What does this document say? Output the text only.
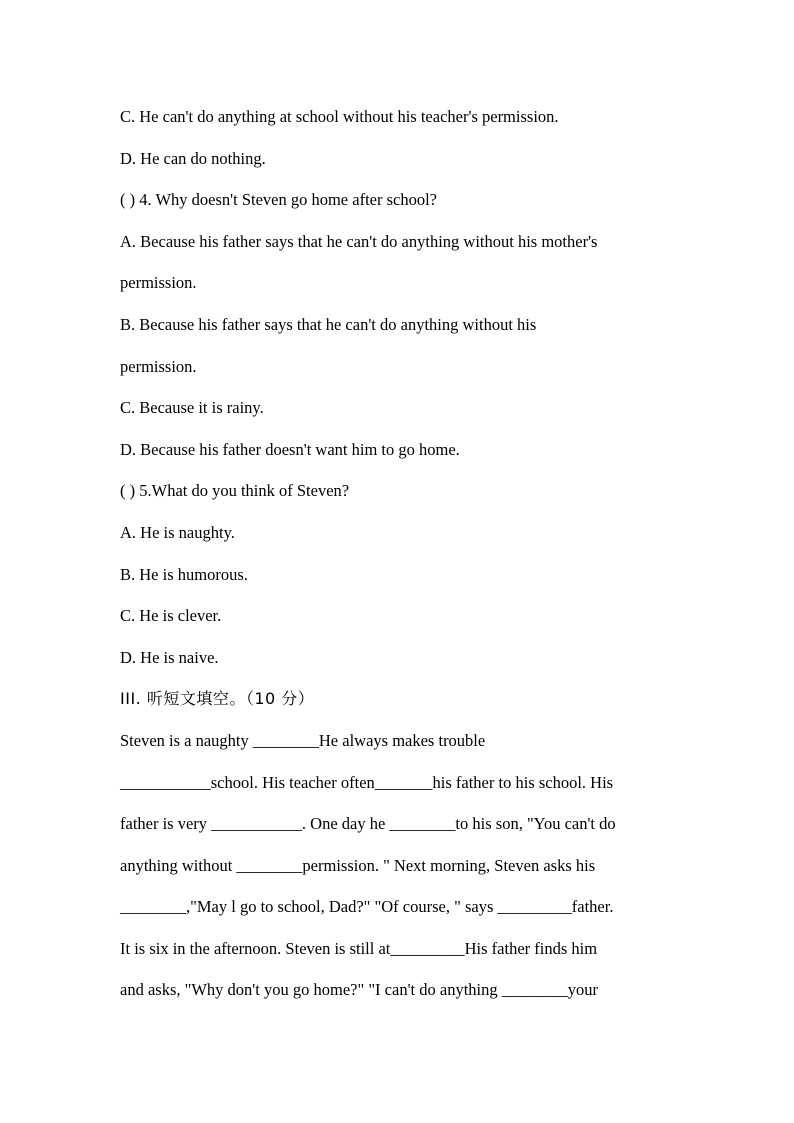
C. He can't do anything at school without his teacher's permission.
D. He can do nothing.
( ) 4. Why doesn't Steven go home after school?
A. Because his father says that he can't do anything without his mother's
permission.
B. Because his father says that he can't do anything without his
permission.
C. Because it is rainy.
D. Because his father doesn't want him to go home.
( ) 5.What do you think of Steven?
A. He is naughty.
B. He is humorous.
C. He is clever.
D. He is naive.
III. 听短文填空。（10 分）
Steven is a naughty ________He always makes trouble
___________school. His teacher often_______his father to his school. His
father is very ___________. One day he ________to his son, "You can't do
anything without ________permission. " Next morning, Steven asks his
________,"May l go to school, Dad?" "Of course, " says _________father.
It is six in the afternoon. Steven is still at_________His father finds him
and asks, "Why don't you go home?" "I can't do anything ________your
